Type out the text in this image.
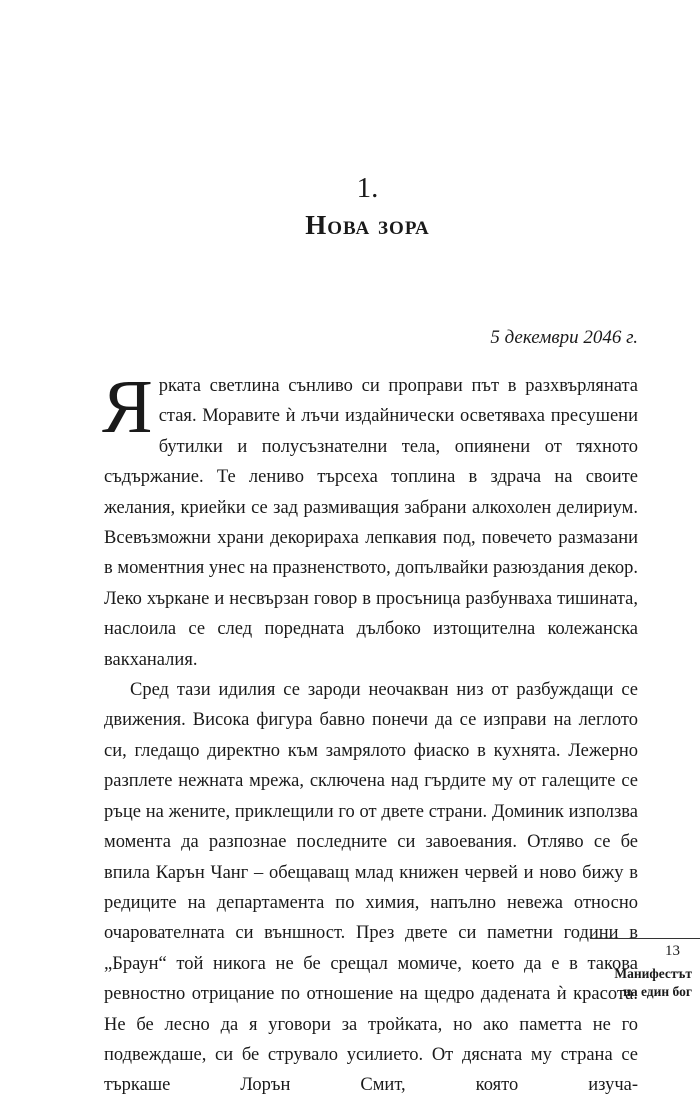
1.
Нова зора
5 декември 2046 г.

Ярката светлина сънливо си проправи път в разхвърляната стая. Моравите ѝ лъчи издайнически осветяваха пресушени бутилки и полусъзнателни тела, опиянени от тяхното съдържание. Те лениво търсеха топлина в здрача на своите желания, криейки се зад размиващия забрани алкохолен делириум. Всевъзможни храни декорираха лепкавия под, повечето размазани в моментния унес на празненството, допълвайки разюздания декор. Леко хъркане и несвързан говор в просъница разбунваха тишината, наслоила се след поредната дълбоко изтощителна колежанска вакханалия.

Сред тази идилия се зароди неочакван низ от разбуждащи се движения. Висока фигура бавно понечи да се изправи на леглото си, гледащо директно към замрялото фиаско в кухнята. Лежерно разплете нежната мрежа, сключена над гърдите му от галещите се ръце на жените, приклещили го от двете страни. Доминик използва момента да разпознае последните си завоевания. Отляво се бе впила Карън Чанг – обещаващ млад книжен червей и ново бижу в редиците на департамента по химия, напълно невежа относно очарователната си външност. През двете си паметни години в „Браун“ той никога не бе срещал момиче, което да е в такова ревностно отрицание по отношение на щедро дадената ѝ красота. Не бе лесно да я уговори за тройката, но ако паметта не го подвеждаше, си бе струвало усилието. От дясната му страна се търкаше Лорън Смит, която изуча-

13
Манифестът
на един бог
